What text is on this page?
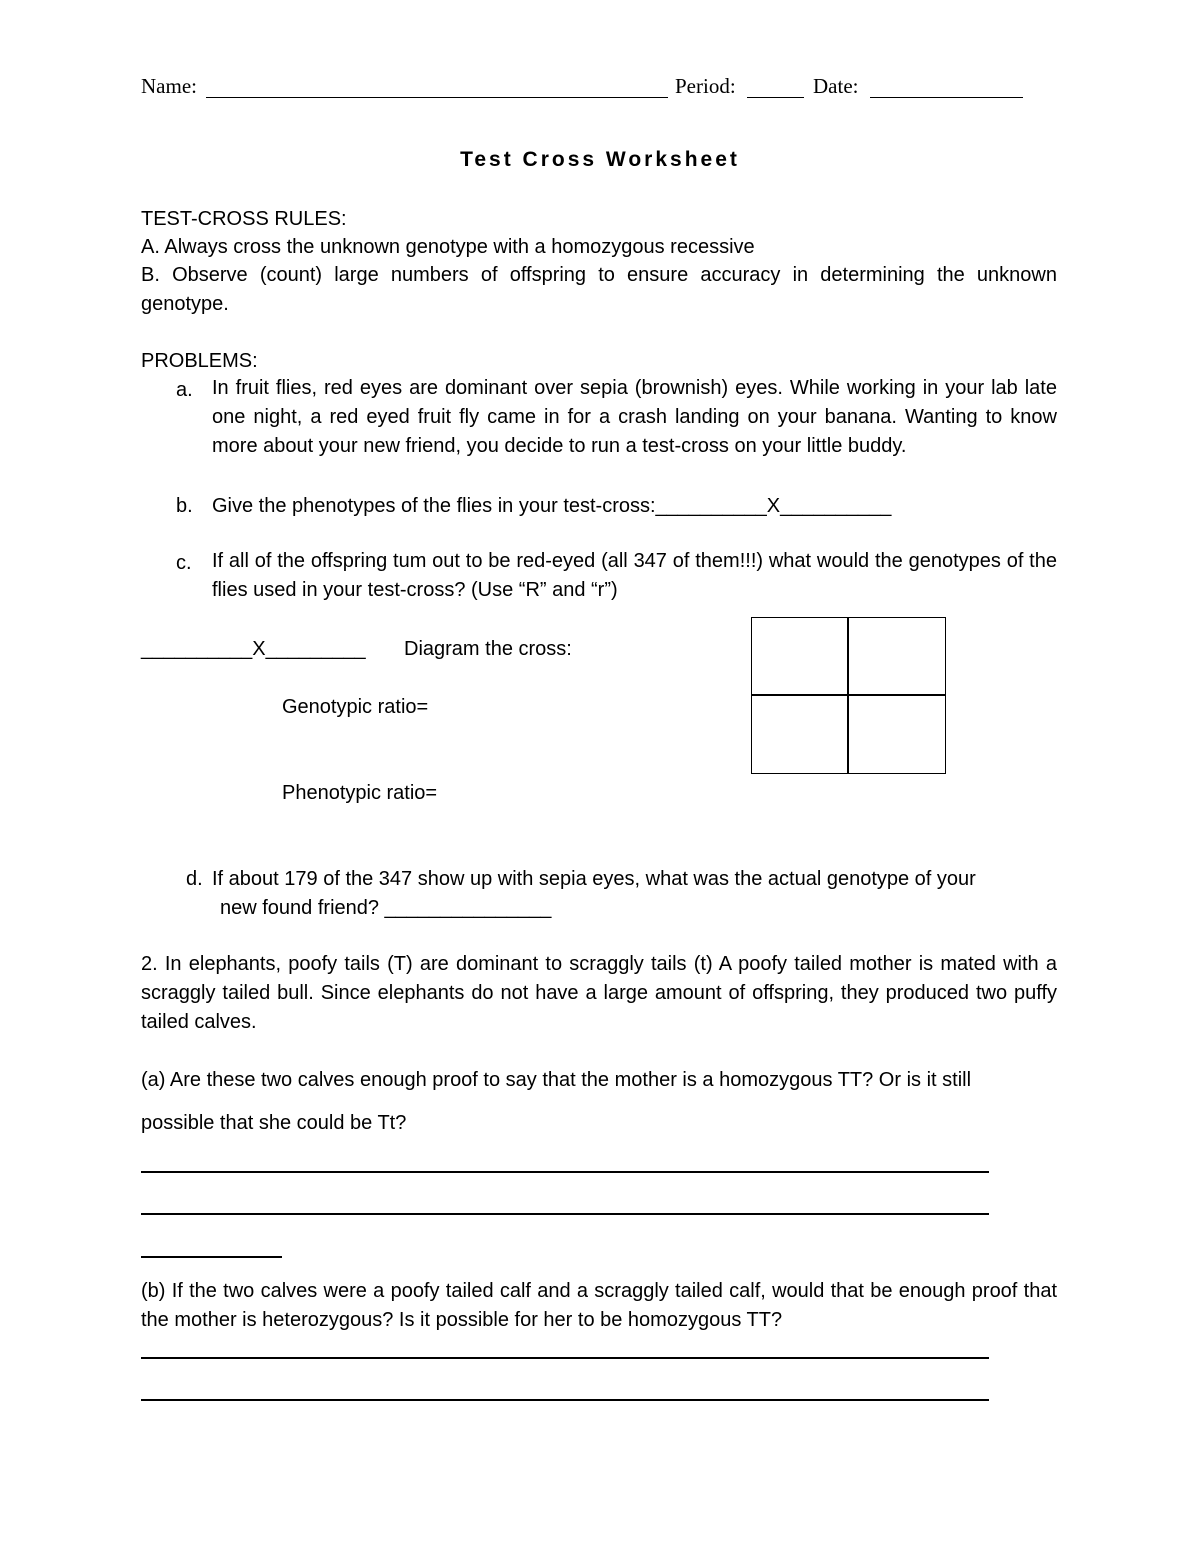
Name:	Period:	Date:
Test Cross Worksheet
TEST-CROSS RULES:
A. Always cross the unknown genotype with a homozygous recessive
B. Observe (count) large numbers of offspring to ensure accuracy in determining the unknown genotype.
PROBLEMS:
a. In fruit flies, red eyes are dominant over sepia (brownish) eyes. While working in your lab late one night, a red eyed fruit fly came in for a crash landing on your banana. Wanting to know more about your new friend, you decide to run a test-cross on your little buddy.
b. Give the phenotypes of the flies in your test-cross:__________X__________
c. If all of the offspring tum out to be red-eyed (all 347 of them!!!) what would the genotypes of the flies used in your test-cross? (Use “R” and “r”)
__________X_________ Diagram the cross:
Genotypic ratio=
Phenotypic ratio=
d. If about 179 of the 347 show up with sepia eyes, what was the actual genotype of your
new found friend? _______________
2. In elephants, poofy tails (T) are dominant to scraggly tails (t) A poofy tailed mother is mated with a scraggly tailed bull. Since elephants do not have a large amount of offspring, they produced two puffy tailed calves.
(a) Are these two calves enough proof to say that the mother is a homozygous TT? Or is it still
possible that she could be Tt?
(b) If the two calves were a poofy tailed calf and a scraggly tailed calf, would that be enough proof that the mother is heterozygous? Is it possible for her to be homozygous TT?
